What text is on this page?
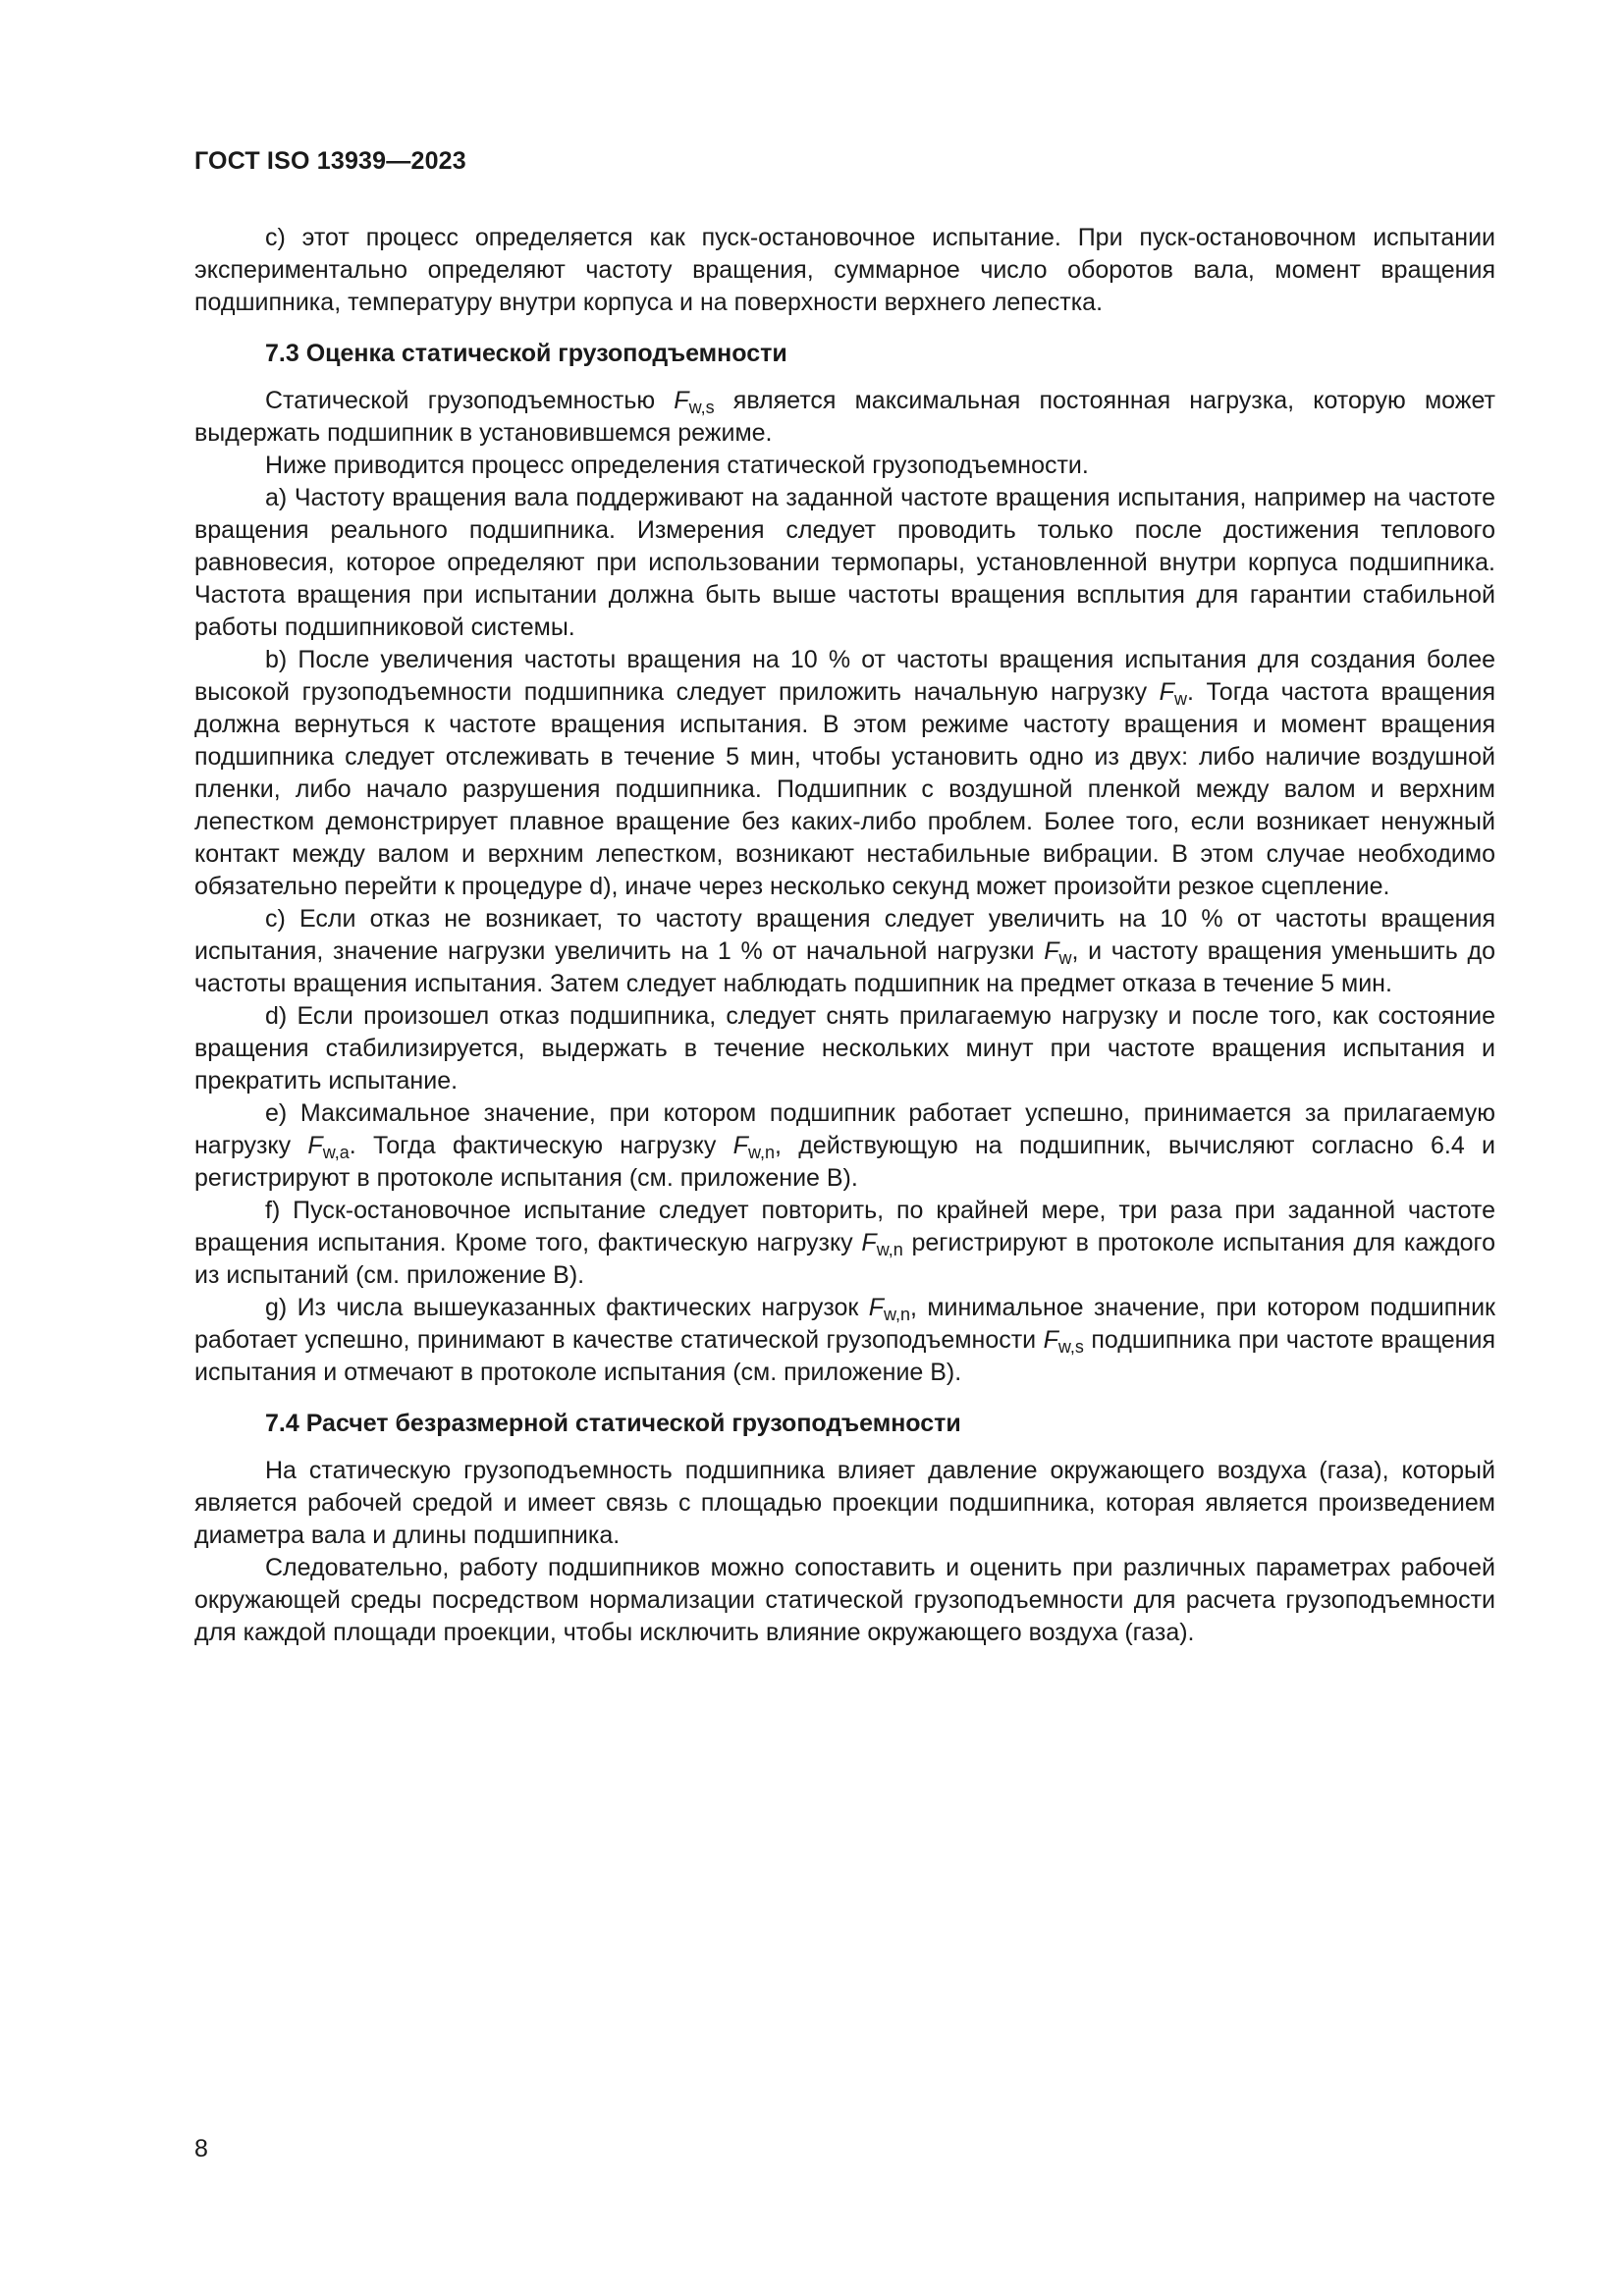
ГОСТ ISO 13939—2023

c) этот процесс определяется как пуск-остановочное испытание. При пуск-остановочном испытании экспериментально определяют частоту вращения, суммарное число оборотов вала, момент вращения подшипника, температуру внутри корпуса и на поверхности верхнего лепестка.

7.3 Оценка статической грузоподъемности

Статической грузоподъемностью $F_{w,s}$ является максимальная постоянная нагрузка, которую может выдержать подшипник в установившемся режиме.

Ниже приводится процесс определения статической грузоподъемности.

a) Частоту вращения вала поддерживают на заданной частоте вращения испытания, например на частоте вращения реального подшипника. Измерения следует проводить только после достижения теплового равновесия, которое определяют при использовании термопары, установленной внутри корпуса подшипника. Частота вращения при испытании должна быть выше частоты вращения всплытия для гарантии стабильной работы подшипниковой системы.

b) После увеличения частоты вращения на 10 % от частоты вращения испытания для создания более высокой грузоподъемности подшипника следует приложить начальную нагрузку $F_w$. Тогда частота вращения должна вернуться к частоте вращения испытания. В этом режиме частоту вращения и момент вращения подшипника следует отслеживать в течение 5 мин, чтобы установить одно из двух: либо наличие воздушной пленки, либо начало разрушения подшипника. Подшипник с воздушной пленкой между валом и верхним лепестком демонстрирует плавное вращение без каких-либо проблем. Более того, если возникает ненужный контакт между валом и верхним лепестком, возникают нестабильные вибрации. В этом случае необходимо обязательно перейти к процедуре d), иначе через несколько секунд может произойти резкое сцепление.

c) Если отказ не возникает, то частоту вращения следует увеличить на 10 % от частоты вращения испытания, значение нагрузки увеличить на 1 % от начальной нагрузки $F_w$, и частоту вращения уменьшить до частоты вращения испытания. Затем следует наблюдать подшипник на предмет отказа в течение 5 мин.

d) Если произошел отказ подшипника, следует снять прилагаемую нагрузку и после того, как состояние вращения стабилизируется, выдержать в течение нескольких минут при частоте вращения испытания и прекратить испытание.

e) Максимальное значение, при котором подшипник работает успешно, принимается за прилагаемую нагрузку $F_{w,a}$. Тогда фактическую нагрузку $F_{w,n}$, действующую на подшипник, вычисляют согласно 6.4 и регистрируют в протоколе испытания (см. приложение В).

f) Пуск-остановочное испытание следует повторить, по крайней мере, три раза при заданной частоте вращения испытания. Кроме того, фактическую нагрузку $F_{w,n}$ регистрируют в протоколе испытания для каждого из испытаний (см. приложение В).

g) Из числа вышеуказанных фактических нагрузок $F_{w,n}$, минимальное значение, при котором подшипник работает успешно, принимают в качестве статической грузоподъемности $F_{w,s}$ подшипника при частоте вращения испытания и отмечают в протоколе испытания (см. приложение В).

7.4 Расчет безразмерной статической грузоподъемности

На статическую грузоподъемность подшипника влияет давление окружающего воздуха (газа), который является рабочей средой и имеет связь с площадью проекции подшипника, которая является произведением диаметра вала и длины подшипника.

Следовательно, работу подшипников можно сопоставить и оценить при различных параметрах рабочей окружающей среды посредством нормализации статической грузоподъемности для расчета грузоподъемности для каждой площади проекции, чтобы исключить влияние окружающего воздуха (газа).

8
